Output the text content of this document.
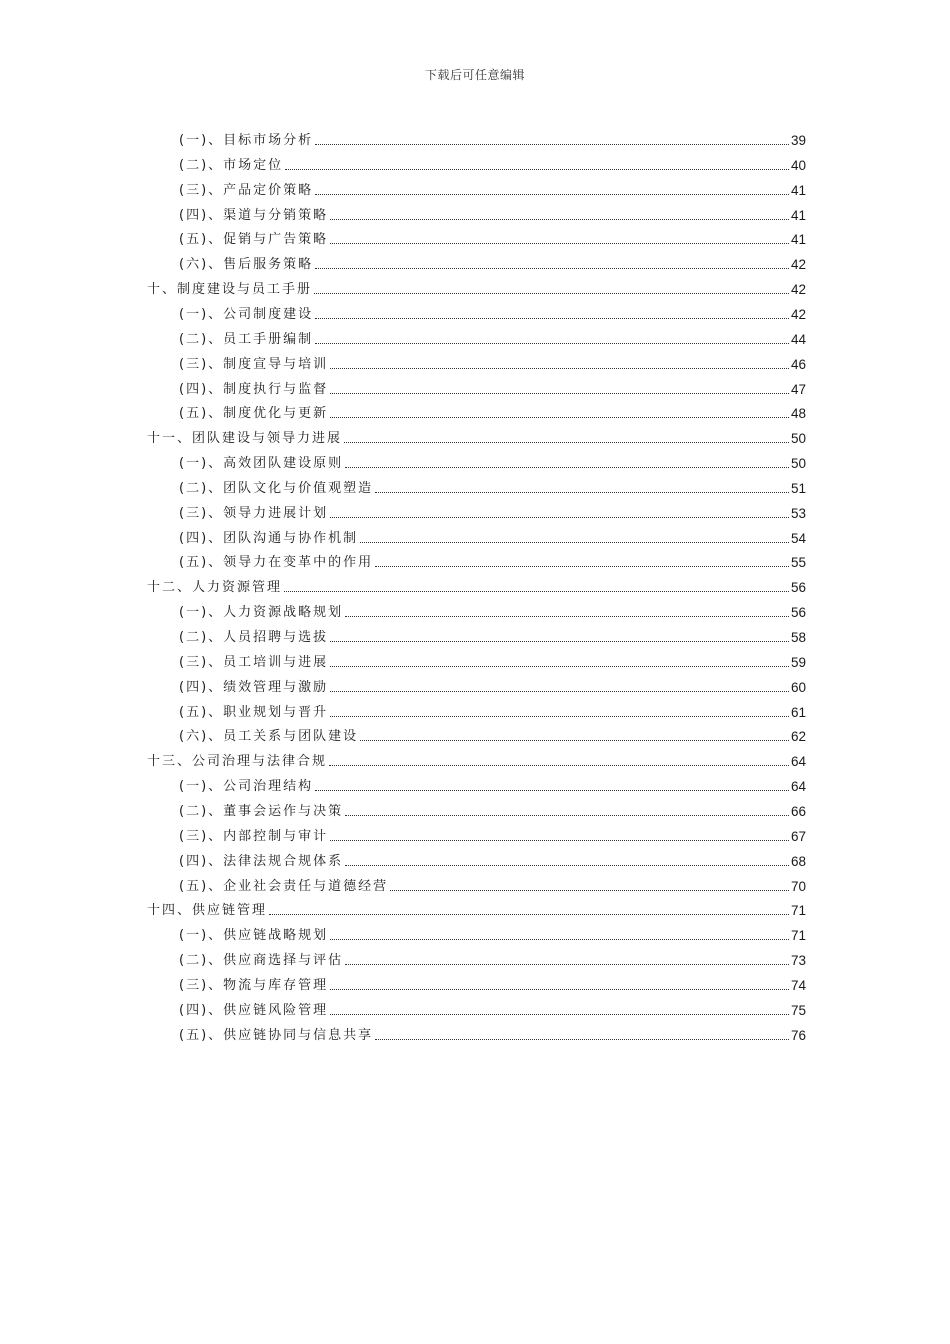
下载后可任意编辑
(一)、目标市场分析	39
(二)、市场定位	40
(三)、产品定价策略	41
(四)、渠道与分销策略	41
(五)、促销与广告策略	41
(六)、售后服务策略	42
十、制度建设与员工手册	42
(一)、公司制度建设	42
(二)、员工手册编制	44
(三)、制度宣导与培训	46
(四)、制度执行与监督	47
(五)、制度优化与更新	48
十一、团队建设与领导力进展	50
(一)、高效团队建设原则	50
(二)、团队文化与价值观塑造	51
(三)、领导力进展计划	53
(四)、团队沟通与协作机制	54
(五)、领导力在变革中的作用	55
十二、人力资源管理	56
(一)、人力资源战略规划	56
(二)、人员招聘与选拔	58
(三)、员工培训与进展	59
(四)、绩效管理与激励	60
(五)、职业规划与晋升	61
(六)、员工关系与团队建设	62
十三、公司治理与法律合规	64
(一)、公司治理结构	64
(二)、董事会运作与决策	66
(三)、内部控制与审计	67
(四)、法律法规合规体系	68
(五)、企业社会责任与道德经营	70
十四、供应链管理	71
(一)、供应链战略规划	71
(二)、供应商选择与评估	73
(三)、物流与库存管理	74
(四)、供应链风险管理	75
(五)、供应链协同与信息共享	76
